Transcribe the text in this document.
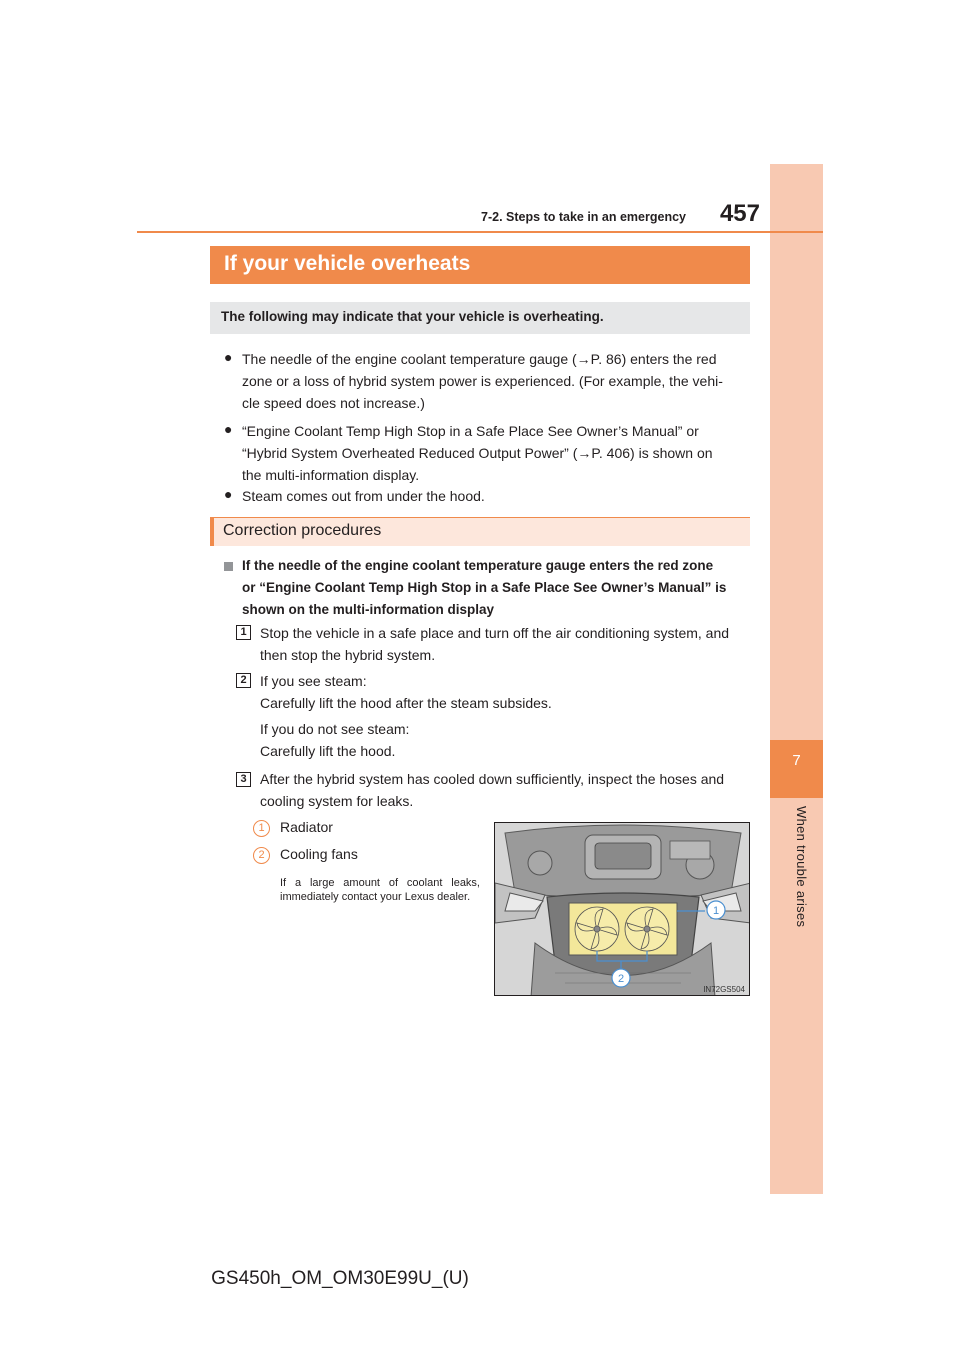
7
When trouble arises
7-2. Steps to take in an emergency	457
If your vehicle overheats
The following may indicate that your vehicle is overheating.
● The needle of the engine coolant temperature gauge (→P. 86) enters the red
zone or a loss of hybrid system power is experienced. (For example, the vehi-
cle speed does not increase.)
● “Engine Coolant Temp High Stop in a Safe Place See Owner’s Manual” or
“Hybrid System Overheated Reduced Output Power” (→P. 406) is shown on
the multi-information display.
● Steam comes out from under the hood.
Correction procedures
If the needle of the engine coolant temperature gauge enters the red zone
or “Engine Coolant Temp High Stop in a Safe Place See Owner’s Manual” is
shown on the multi-information display
1 Stop the vehicle in a safe place and turn off the air conditioning system, and
then stop the hybrid system.
2 If you see steam:
Carefully lift the hood after the steam subsides.
If you do not see steam:
Carefully lift the hood.
3 After the hybrid system has cooled down sufficiently, inspect the hoses and
cooling system for leaks.
1	Radiator
2	Cooling fans
If a large amount of coolant leaks, immediately contact your Lexus dealer.
1
2
IN72GS504
GS450h_OM_OM30E99U_(U)
